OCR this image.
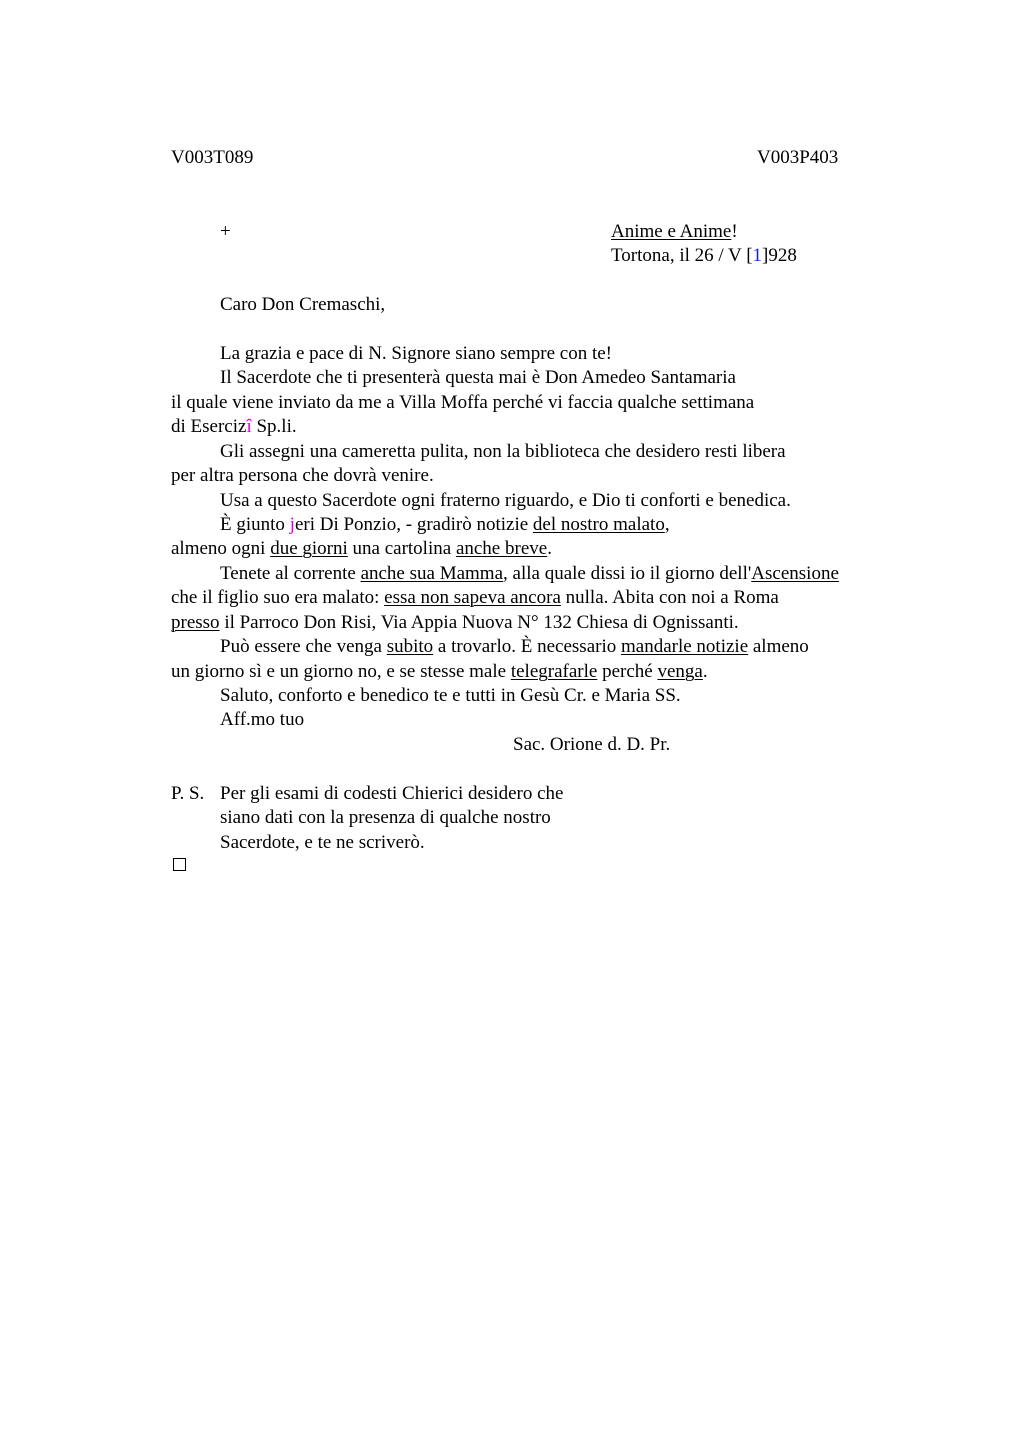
V003T089	V003P403
+	Anime e Anime!
Tortona, il 26 / V [1]928
Caro Don Cremaschi,
La grazia e pace di N. Signore siano sempre con te!
Il Sacerdote che ti presenterà questa mai è Don Amedeo Santamaria
il quale viene inviato da me a Villa Moffa perché vi faccia qualche settimana
di Esercizî Sp.li.
Gli assegni una cameretta pulita, non la biblioteca che desidero resti libera
per altra persona che dovrà venire.
Usa a questo Sacerdote ogni fraterno riguardo, e Dio ti conforti e benedica.
È giunto jeri Di Ponzio, - gradirò notizie del nostro malato,
almeno ogni due giorni una cartolina anche breve.
Tenete al corrente anche sua Mamma, alla quale dissi io il giorno dell'Ascensione
che il figlio suo era malato: essa non sapeva ancora nulla. Abita con noi a Roma
presso il Parroco Don Risi, Via Appia Nuova N° 132 Chiesa di Ognissanti.
Può essere che venga subito a trovarlo. È necessario mandarle notizie almeno
un giorno sì e un giorno no, e se stesse male telegrafarle perché venga.
Saluto, conforto e benedico te e tutti in Gesù Cr. e Maria SS.
Aff.mo tuo
Sac. Orione d. D. Pr.
P. S. Per gli esami di codesti Chierici desidero che
siano dati con la presenza di qualche nostro
Sacerdote, e te ne scriverò.
